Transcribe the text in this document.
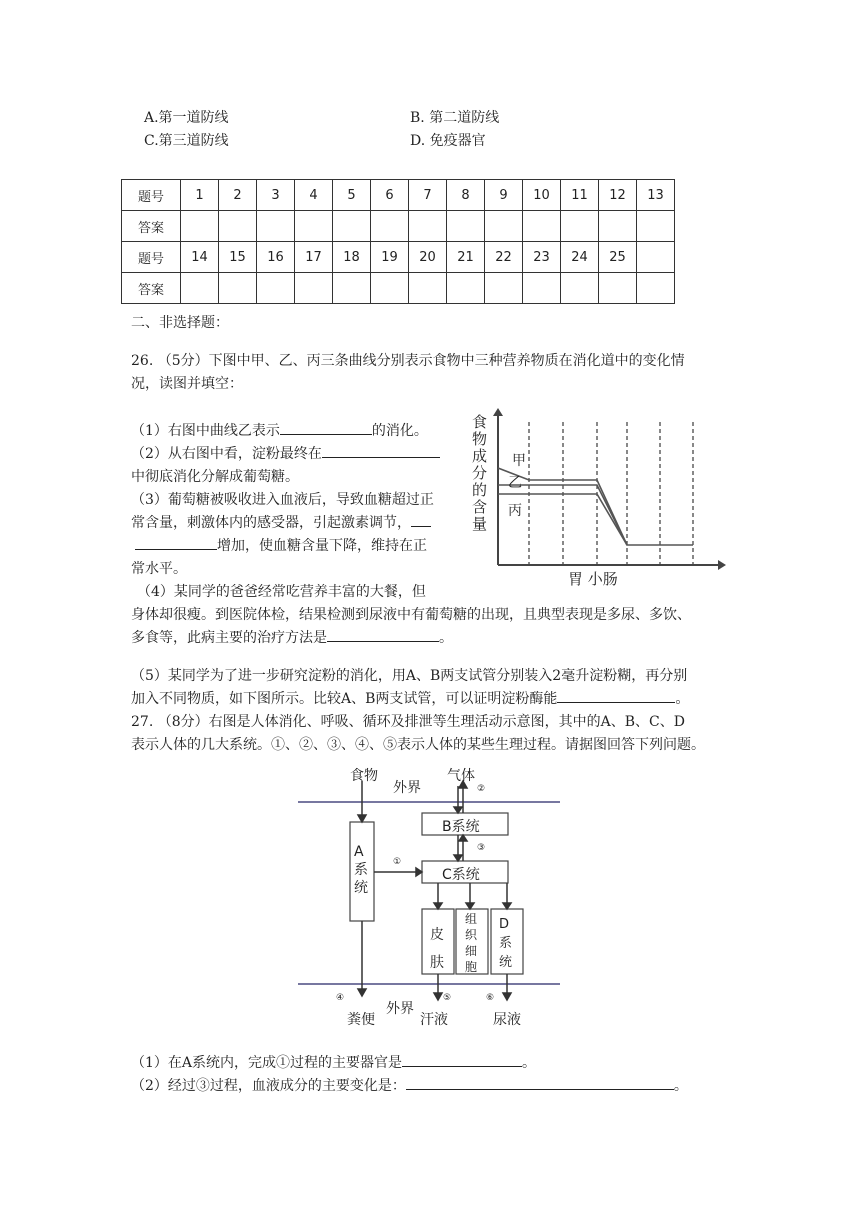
A.第一道防线	B. 第二道防线
C.第三道防线	D. 免疫器官
题号	1	2	3	4	5	6	7	8	9	10	11	12	13
答案													
题号	14	15	16	17	18	19	20	21	22	23	24	25	
答案													
二、非选择题：
26. （5分）下图中甲、乙、丙三条曲线分别表示食物中三种营养物质在消化道中的变化情
况，读图并填空：
（1）右图中曲线乙表示	的消化。
（2）从右图中看，淀粉最终在
中彻底消化分解成葡萄糖。
（3）葡萄糖被吸收进入血液后，导致血糖超过正
常含量，刺激体内的感受器，引起激素调节，
增加，使血糖含量下降，维持在正
常水平。
（4）某同学的爸爸经常吃营养丰富的大餐，但
身体却很瘦。到医院体检，结果检测到尿液中有葡萄糖的出现，且典型表现是多尿、多饮、
多食等，此病主要的治疗方法是	。
（5）某同学为了进一步研究淀粉的消化，用A、B两支试管分别装入2毫升淀粉糊，再分别
加入不同物质，如下图所示。比较A、B两支试管，可以证明淀粉酶能	。
27. （8分）右图是人体消化、呼吸、循环及排泄等生理活动示意图，其中的A、B、C、D
表示人体的几大系统。①、②、③、④、⑤表示人体的某些生理过程。请据图回答下列问题。
食物成分的含量
甲
乙
丙
胃 小肠
食物
外界
气体
②
B系统
③
A系统
①
C系统
皮肤
组织细胞
D系统
④
粪便
外界
⑤
汗液
⑥
尿液
（1）在A系统内，完成①过程的主要器官是	。
（2）经过③过程，血液成分的主要变化是：	。
